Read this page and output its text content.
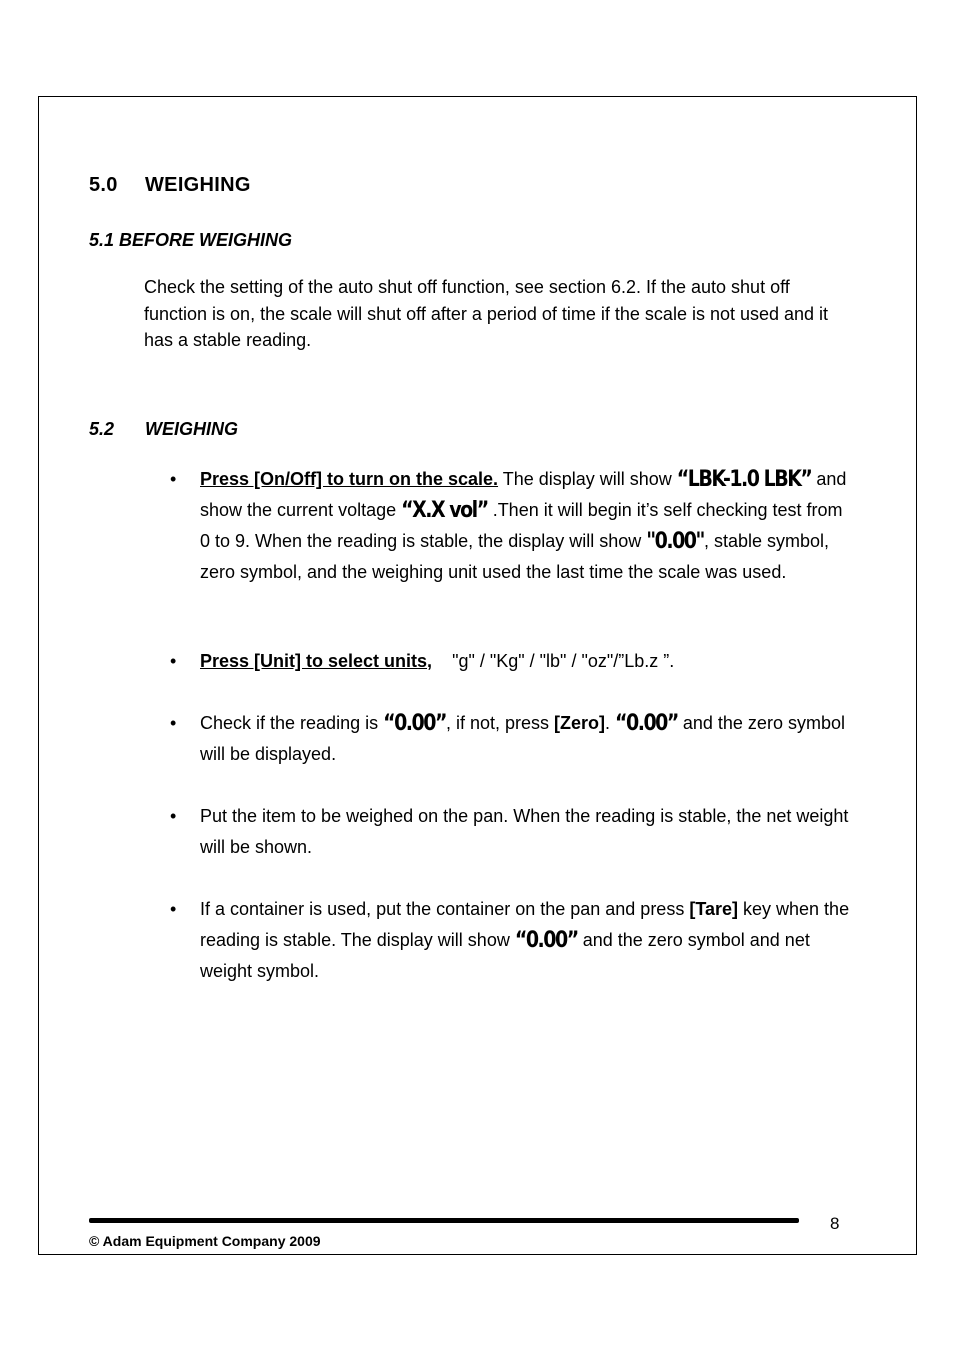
5.0 WEIGHING
5.1 BEFORE WEIGHING
Check the setting of the auto shut off function, see section 6.2. If the auto shut off function is on, the scale will shut off after a period of time if the scale is not used and it has a stable reading.
5.2 WEIGHING
• Press [On/Off] to turn on the scale. The display will show “LBK-1.0 LBK” and show the current voltage “X.X vol” .Then it will begin it’s self checking test from 0 to 9. When the reading is stable, the display will show "0.00", stable symbol, zero symbol, and the weighing unit used the last time the scale was used.
• Press [Unit] to select units,    "g" / "Kg" / "lb" / "oz"/”Lb.z ”.
• Check if the reading is “0.00”, if not, press [Zero]. “0.00” and the zero symbol will be displayed.
• Put the item to be weighed on the pan. When the reading is stable, the net weight will be shown.
• If a container is used, put the container on the pan and press [Tare] key when the reading is stable. The display will show “0.00” and the zero symbol and net weight symbol.
8
© Adam Equipment Company 2009
